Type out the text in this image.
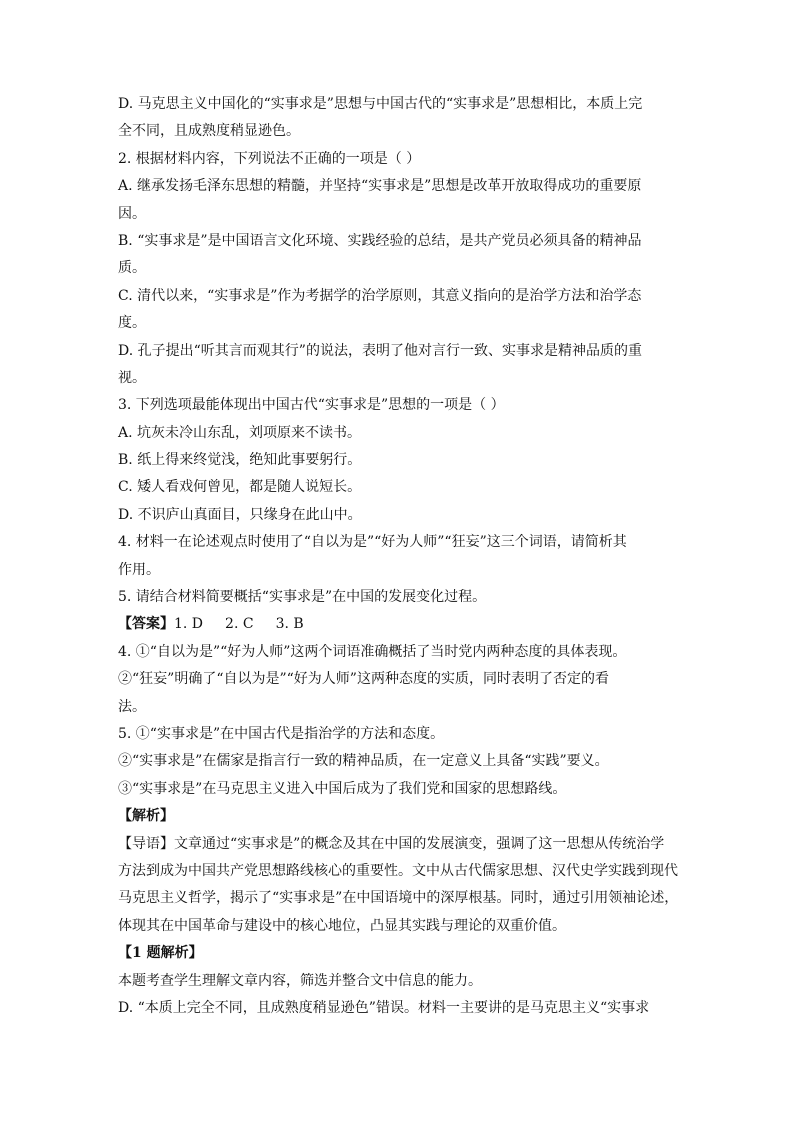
D. 马克思主义中国化的“实事求是”思想与中国古代的“实事求是”思想相比，本质上完
全不同，且成熟度稍显逊色。
2. 根据材料内容，下列说法不正确的一项是（ ）
A. 继承发扬毛泽东思想的精髓，并坚持“实事求是”思想是改革开放取得成功的重要原
因。
B. “实事求是”是中国语言文化环境、实践经验的总结，是共产党员必须具备的精神品
质。
C. 清代以来，“实事求是”作为考据学的治学原则，其意义指向的是治学方法和治学态
度。
D. 孔子提出“听其言而观其行”的说法，表明了他对言行一致、实事求是精神品质的重
视。
3. 下列选项最能体现出中国古代“实事求是”思想的一项是（ ）
A. 坑灰未冷山东乱，刘项原来不读书。
B. 纸上得来终觉浅，绝知此事要躬行。
C. 矮人看戏何曾见，都是随人说短长。
D. 不识庐山真面目，只缘身在此山中。
4. 材料一在论述观点时使用了“自以为是”“好为人师”“狂妄”这三个词语，请简析其
作用。
5. 请结合材料简要概括“实事求是”在中国的发展变化过程。
【答案】1. D 2. C 3. B
4. ①“自以为是”“好为人师”这两个词语准确概括了当时党内两种态度的具体表现。
②“狂妄”明确了“自以为是”“好为人师”这两种态度的实质，同时表明了否定的看
法。
5. ①“实事求是”在中国古代是指治学的方法和态度。
②“实事求是”在儒家是指言行一致的精神品质，在一定意义上具备“实践”要义。
③“实事求是”在马克思主义进入中国后成为了我们党和国家的思想路线。
【解析】
【导语】文章通过“实事求是”的概念及其在中国的发展演变，强调了这一思想从传统治学
方法到成为中国共产党思想路线核心的重要性。文中从古代儒家思想、汉代史学实践到现代
马克思主义哲学，揭示了“实事求是”在中国语境中的深厚根基。同时，通过引用领袖论述，
体现其在中国革命与建设中的核心地位，凸显其实践与理论的双重价值。
【1 题解析】
本题考查学生理解文章内容，筛选并整合文中信息的能力。
D. “本质上完全不同，且成熟度稍显逊色”错误。材料一主要讲的是马克思主义“实事求
